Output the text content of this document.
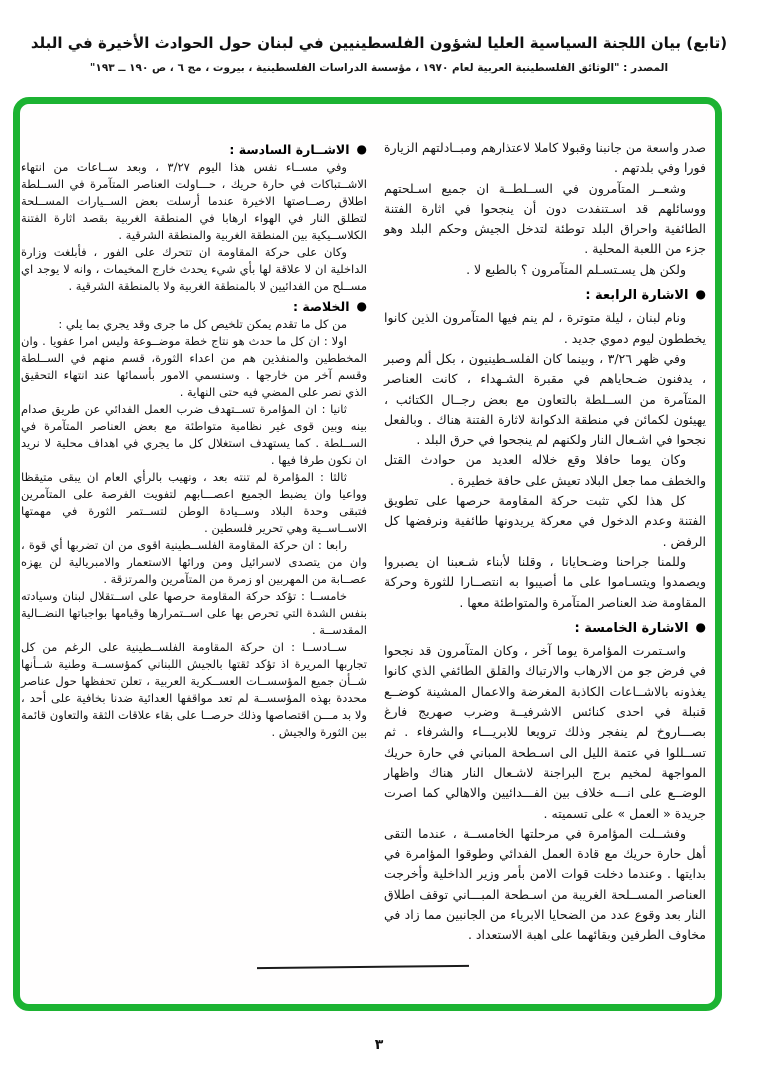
(تابع) بيان اللجنة السياسية العليا لشؤون الفلسطينيين في لبنان حول الحوادث الأخيرة في البلد
المصدر : "الوثائق الفلسطينية العربية لعام ١٩٧٠ ، مؤسسة الدراسات الفلسطينية ، بيروت ، مج ٦ ، ص ١٩٠ ــ ١٩٣"

صدر واسعة من جانبنا وقبولا كاملا لاعتذارهم ومبــادلتهم الزيارة فورا وفي بلدتهم .

وشعــر المتآمرون في الســلطــة ان جميع اسـلحتهم ووسائلهم قد اسـتنفدت دون أن ينجحوا في اثارة الفتنة الطائفية واحراق البلد توطئة لتدخل الجيش وحكم البلد وهو جزء من اللعبة المحلية .

ولكن هل يسـتسـلم المتآمرون ؟ بالطبع لا .

●الاشارة الرابعة :

ونام لبنان ، ليلة متوترة ، لم ينم فيها المتآمرون الذين كانوا يخططون ليوم دموي جديد .

وفي ظهر ٣/٢٦ ، وبينما كان الفلسـطينيون ، بكل ألم وصبر ، يدفنون ضـحاياهم في مقبرة الشـهداء ، كانت العناصر المتآمرة من الســلطة بالتعاون مع بعض رجــال الكتائب ، يهيئون لكمائن في منطقة الدكوانة لاثارة الفتنة هناك . وبالفعل نجحوا في اشـعال النار ولكنهم لم ينجحوا في حرق البلد .

وكان يوما حافلا وقع خلاله العديد من حوادث القتل والخطف مما جعل البلاد تعيش على حافة خطيرة .

كل هذا لكي تثبت حركة المقاومة حرصها على تطويق الفتنة وعدم الدخول في معركة يريدونها طائفية ونرفضها كل الرفض .

وللمنا جراحنا وضـحايانا ، وقلنا لأبناء شـعبنا ان يصبروا ويصمدوا ويتسـاموا على ما أصيبوا به انتصــارا للثورة وحركة المقاومة ضد العناصر المتآمرة والمتواطئة معها .

●الاشارة الخامسة :

واسـتمرت المؤامرة يوما آخر ، وكان المتآمرون قد نجحوا في فرض جو من الارهاب والارتباك والقلق الطائفي الذي كانوا يغذونه بالاشــاعات الكاذبة المغرضة والاعمال المشينة كوضــع قنبلة في احدى كنائس الاشرفيــة وضرب صهريج فارغ بصـــاروخ لم ينفجر وذلك ترويعا للابريـــاء والشرفاء . ثم تســللوا في عتمة الليل الى اسـطحة المباني في حارة حريك المواجهة لمخيم برج البراجنة لاشـعال النار هناك واظهار الوضــع على انـــه خلاف بين الفـــدائيين والاهالي كما اصرت جريدة « العمل » على تسميته .

وفشــلت المؤامرة في مرحلتها الخامســة ، عندما التقى أهل حارة حريك مع قادة العمل الفدائي وطوقوا المؤامرة في بدايتها . وعندما دخلت قوات الامن بأمر وزير الداخلية وأخرجت العناصر المســلحة الغريبة من اسـطحة المبـــاني توقف اطلاق النار بعد وقوع عدد من الضحايا الابرياء من الجانبين مما زاد في مخاوف الطرفين وبقائهما على اهبة الاستعداد .

●الاشــارة السادسة :

وفي مســاء نفس هذا اليوم ٣/٢٧ ، وبعد ســاعات من انتهاء الاشــتباكات في حارة حريك ، حـــاولت العناصر المتآمرة في الســلطة اطلاق رصــاصتها الاخيرة عندما أرسلت بعض الســيارات المســلحة لتطلق النار في الهواء ارهابا في المنطقة الغربية بقصد اثارة الفتنة الكلاســيكية بين المنطقة الغربية والمنطقة الشرقية .

وكان على حركة المقاومة ان تتحرك على الفور ، فأبلغت وزارة الداخلية ان لا علاقة لها بأي شيء يحدث خارج المخيمات ، وانه لا يوجد اي مســلح من الفدائيين لا بالمنطقة الغربية ولا بالمنطقة الشرقية .

●الخلاصة :

من كل ما تقدم يمكن تلخيص كل ما جرى وقد يجري بما يلي :

اولا : ان كل ما حدث هو نتاج خطة موضــوعة وليس امرا عفويا . وان المخططين والمنفذين هم من اعداء الثورة، قسم منهم في الســلطة وقسم آخر من خارجها . وسنسمي الامور بأسمائها عند انتهاء التحقيق الذي نصر على المضي فيه حتى النهاية .

ثانيا : ان المؤامرة تســتهدف ضرب العمل الفدائي عن طريق صدام بينه وبين قوى غير نظامية متواطئة مع بعض العناصر المتآمرة في الســلطة . كما يستهدف استغلال كل ما يجري في اهداف محلية لا نريد ان نكون طرفا فيها .

ثالثا : المؤامرة لم تنته بعد ، ونهيب بالرأي العام ان يبقى متيقظا وواعيا وان يضبط الجميع اعصـــابهم لتفويت الفرصة على المتآمرين فتبقى وحدة البلاد وســيادة الوطن لتســتمر الثورة في مهمتها الاســاســية وهي تحرير فلسطين .

رابعا : ان حركة المقاومة الفلســطينية اقوى من ان تضربها أي قوة ، وان من يتصدى لاسرائيل ومن ورائها الاستعمار والامبريالية لن يهزه عصــابة من المهربين او زمرة من المتآمرين والمرتزقة .

خامســا : تؤكد حركة المقاومة حرصها على اســتقلال لبنان وسيادته بنفس الشدة التي تحرص بها على اســتمرارها وقيامها بواجباتها النضــالية المقدســة .

ســادســا : ان حركة المقاومة الفلســطينية على الرغم من كل تجاربها المريرة اذ تؤكد ثقتها بالجيش اللبناني كمؤسســة وطنية شــأنها شــأن جميع المؤسســات العســكرية العربية ، تعلن تحفظها حول عناصر محددة بهذه المؤسســة لم تعد مواقفها العدائية ضدنا بخافية على أحد ، ولا بد مـــن اقتصاصها وذلك حرصــا على بقاء علاقات الثقة والتعاون قائمة بين الثورة والجيش .

٣
